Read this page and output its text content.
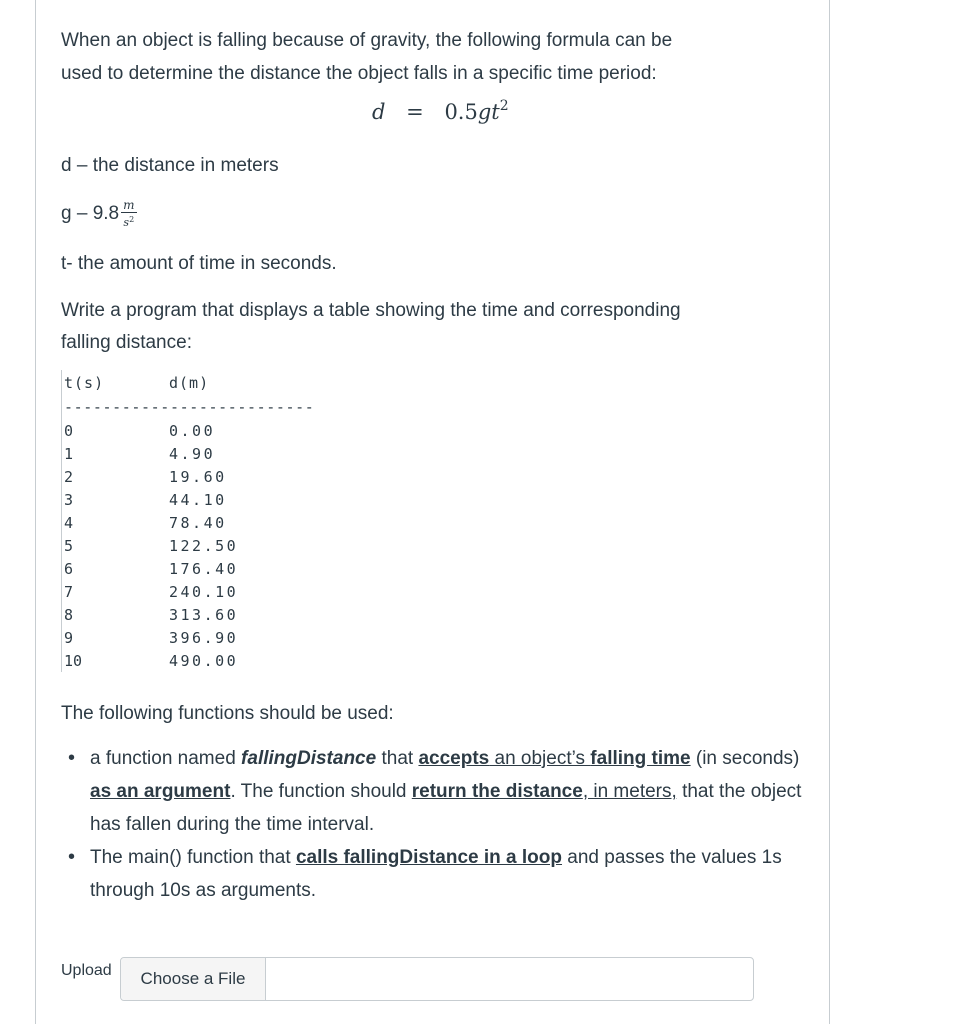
When an object is falling because of gravity, the following formula can be

used to determine the distance the object falls in a specific time period:

$d = 0.5gt^2$

d – the distance in meters

g – $9.8 \frac{m}{s^2}$

t- the amount of time in seconds.

Write a program that displays a table showing the time and corresponding

falling distance:

t(s)	d(m)
--------------------------
0	0.00
1	4.90
2	19.60
3	44.10
4	78.40
5	122.50
6	176.40
7	240.10
8	313.60
9	396.90
10	490.00

The following functions should be used:

• a function named fallingDistance that accepts an object’s falling time (in seconds) as an argument. The function should return the distance, in meters, that the object has fallen during the time interval.
• The main() function that calls fallingDistance in a loop and passes the values 1s through 10s as arguments.
Upload	Choose a File
